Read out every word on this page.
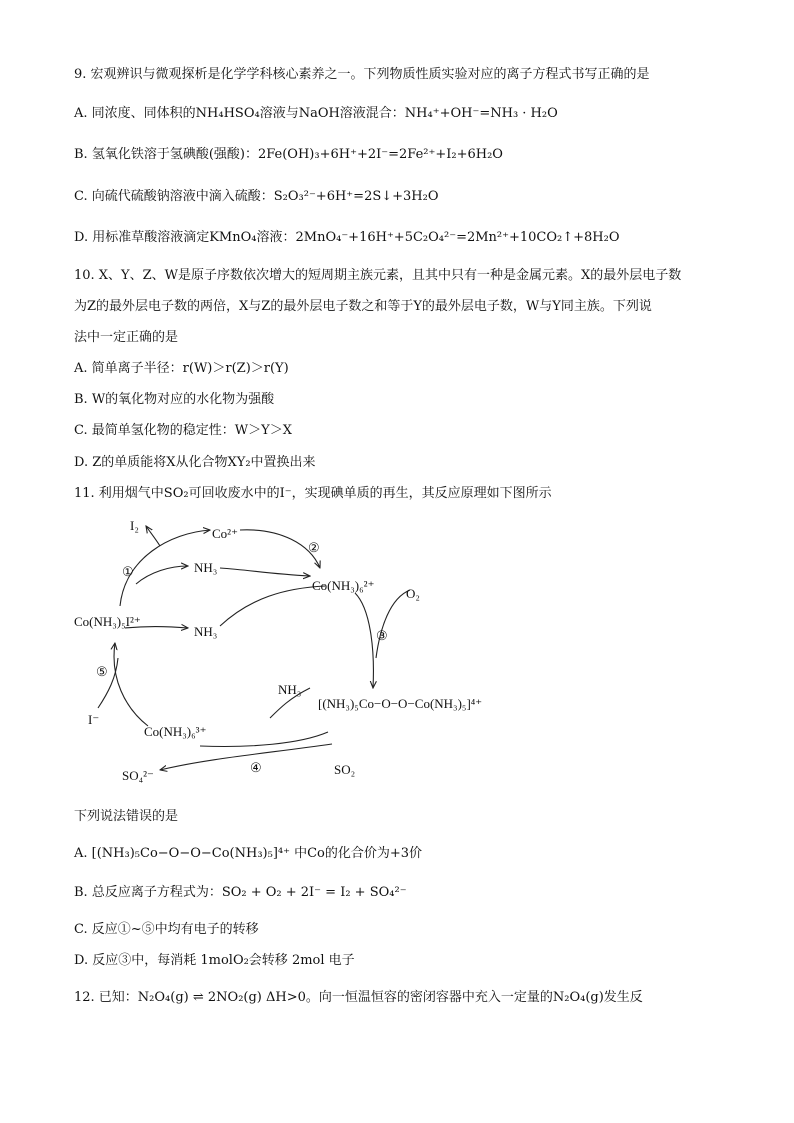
9. 宏观辨识与微观探析是化学学科核心素养之一。下列物质性质实验对应的离子方程式书写正确的是
A. 同浓度、同体积的NH₄HSO₄溶液与NaOH溶液混合：NH₄⁺+OH⁻=NH₃ · H₂O
B. 氢氧化铁溶于氢碘酸(强酸)：2Fe(OH)₃+6H⁺+2I⁻=2Fe²⁺+I₂+6H₂O
C. 向硫代硫酸钠溶液中滴入硫酸：S₂O₃²⁻+6H⁺=2S↓+3H₂O
D. 用标准草酸溶液滴定KMnO₄溶液：2MnO₄⁻+16H⁺+5C₂O₄²⁻=2Mn²⁺+10CO₂↑+8H₂O
10. X、Y、Z、W是原子序数依次增大的短周期主族元素，且其中只有一种是金属元素。X的最外层电子数
为Z的最外层电子数的两倍，X与Z的最外层电子数之和等于Y的最外层电子数，W与Y同主族。下列说
法中一定正确的是
A. 简单离子半径：r(W)＞r(Z)＞r(Y)
B. W的氧化物对应的水化物为强酸
C. 最简单氢化物的稳定性：W＞Y＞X
D. Z的单质能将X从化合物XY₂中置换出来
11. 利用烟气中SO₂可回收废水中的I⁻，实现碘单质的再生，其反应原理如下图所示
I₂
Co²⁺
NH₃
Co(NH₃)₆²⁺
O₂
Co(NH₃)₅I²⁺
NH₃
NH₃
[(NH₃)₅Co−O−O−Co(NH₃)₅]⁴⁺
I⁻
Co(NH₃)₆³⁺
SO₄²⁻	SO₂
①
②
③
④
⑤
下列说法错误的是
A. [(NH₃)₅Co−O−O−Co(NH₃)₅]⁴⁺ 中Co的化合价为+3价
B. 总反应离子方程式为：SO₂ + O₂ + 2I⁻ = I₂ + SO₄²⁻
C. 反应①~⑤中均有电子的转移
D. 反应③中，每消耗 1molO₂会转移 2mol 电子
12. 已知：N₂O₄(g) ⇌ 2NO₂(g) ΔH>0。向一恒温恒容的密闭容器中充入一定量的N₂O₄(g)发生反
